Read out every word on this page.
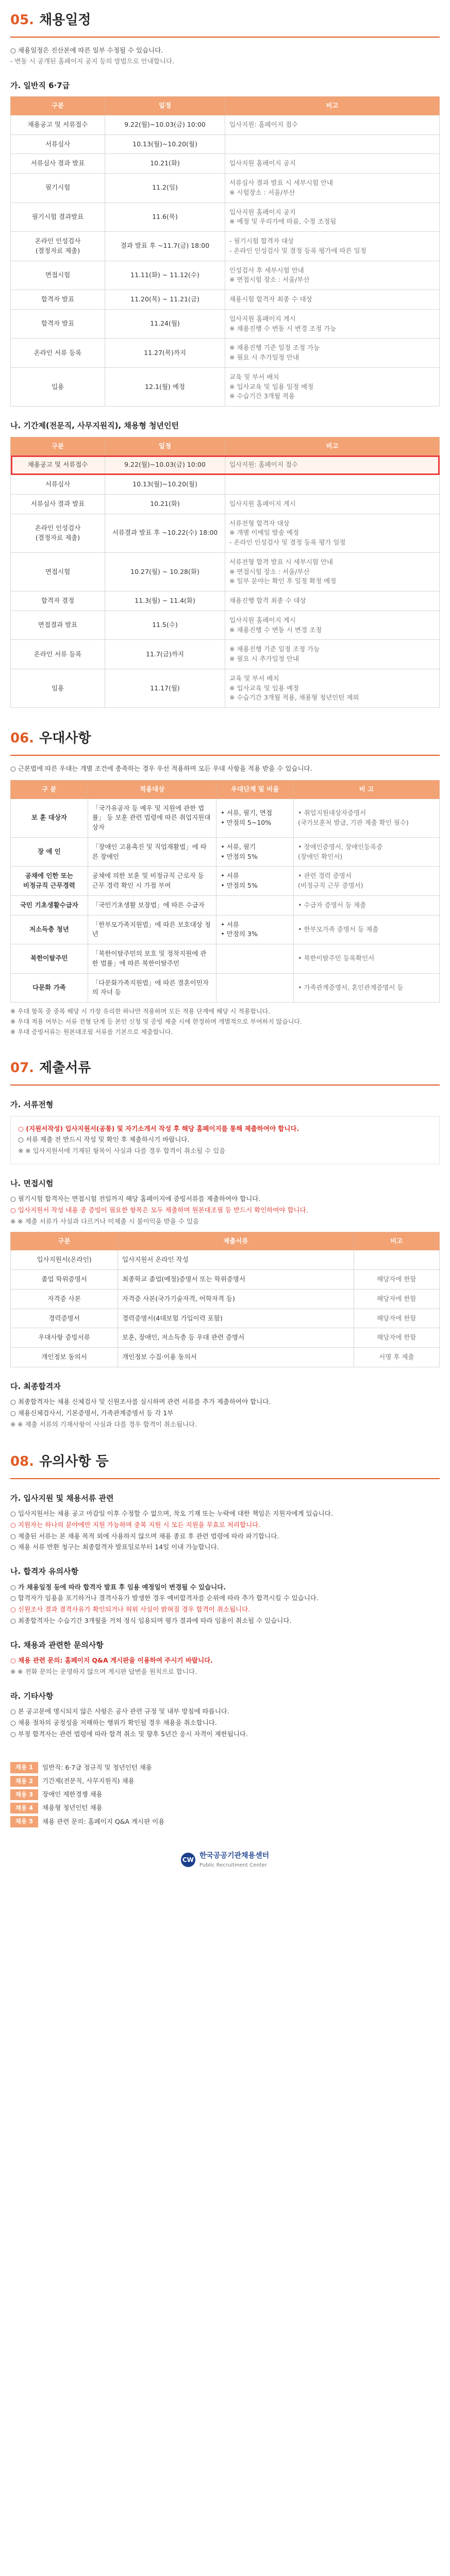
05. 채용일정

○ 채용일정은 진산본에 따른 일부 수정될 수 있습니다.

- 변동 시 공개된 홈페이지 공지 등의 방법으로 안내합니다.

가. 일반직 6·7급
구분	일정	비고
채용공고 및 서류접수	9.22(월)~10.03(금) 10:00	입사지원: 홈페이지 접수
서류심사	10.13(월)~10.20(월)	
서류심사 결과 발표	10.21(화)	입사지원 홈페이지 공지
필기시험	11.2(일)	서류심사 결과 발표 시 세부시험 안내
※ 시험장소 : 서울/부산
필기시험 결과발표	11.6(목)	입사지원 홈페이지 공지
※ 예정 및 우리가에 따름, 수정 조정됨
온라인 인성검사
(결정자료 제출)	결과 발표 후 ~11.7(금) 18:00	- 필기시험 합격자 대상
- 온라인 인성검사 및 결정 등록 평가에 따른 일정
면접시험	11.11(화) ~ 11.12(수)	인성검사 후 세부시험 안내
※ 면접시험 장소 : 서울/부산
합격자 발표	11.20(목) ~ 11.21(금)	채용시험 합격자 최종 수 대상
합격자 발표	11.24(월)	입사지원 홈페이지 게시
※ 채용진행 수 변동 시 변경 조정 가능
온라인 서류 등록	11.27(목)까지	※ 채용진행 기준 일정 조정 가능
※ 필요 시 추가일정 안내
입용	12.1(월) 예정	교육 및 부서 배치
※ 입사교육 및 임용 일정 예정
※ 수습기간 3개월 적용
나. 기간제(전문직, 사무지원직), 채용형 청년인턴
구분	일정	비고
채용공고 및 서류접수	9.22(월)~10.03(금) 10:00	입사지원: 홈페이지 접수
서류심사	10.13(월)~10.20(월)	
서류심사 결과 발표	10.21(화)	입사지원 홈페이지 게시
온라인 인성검사
(결정자료 제출)	서류결과 발표 후 ~10.22(수) 18:00	서류전형 합격자 대상
※ 개별 이메일 발송 예정
- 온라인 인성검사 및 결정 등록 평가 일정
면접시험	10.27(월) ~ 10.28(화)	서류전형 합격 발표 시 세부시험 안내
※ 면접시험 장소 : 서울/부산
※ 일부 분야는 확인 후 일정 확정 예정
합격자 결정	11.3(월) ~ 11.4(화)	채용진행 합격 최종 수 대상
면접결과 발표	11.5(수)	입사지원 홈페이지 게시
※ 채용진행 수 변동 시 변경 조정
온라인 서류 등록	11.7(금)까지	※ 채용진행 기준 일정 조정 가능
※ 필요 시 추가일정 안내
임용	11.17(월)	교육 및 부서 배치
※ 입사교육 및 임용 예정
※ 수습기간 3개월 적용, 채용형 청년인턴 제외
06. 우대사항
○ 근본법에 따른 우대는 개별 조건에 충족하는 경우 우선 적용하며 모든 우대 사항을 적용 받을 수 있습니다.
구 분	적용대상	우대단계 및 비율	비 고
보 훈 대상자	「국가유공자 등 예우 및 지원에 관한 법률」 등 보훈 관련 법령에 따른 취업지원대상자	• 서류, 필기, 면접
• 만점의 5~10%	• 취업지원대상자증명서
(국가보훈처 발급, 기관 제출 확인 필수)
장 애 인	「장애인 고용촉진 및 직업재활법」에 따른 장애인	• 서류, 필기
• 만점의 5%	• 장애인증명서, 장애인등록증
(장애인 확인서)
공채에 인한 또는
비정규직 근무경력	공채에 의한 보훈 및 비정규직 근로자 등 근무 경력 확인 시 가점 부여	• 서류
• 만점의 5%	• 관련 경력 증명서
(비정규직 근무 증명서)
국민 기초생활수급자	「국민기초생활 보장법」에 따른 수급자		• 수급자 증명서 등 제출
저소득층 청년	「한부모가족지원법」에 따른 보호대상 청년	• 서류
• 만점의 3%	• 한부모가족 증명서 등 제출
북한이탈주민	「북한이탈주민의 보호 및 정착지원에 관한 법률」에 따른 북한이탈주민		• 북한이탈주민 등록확인서
다문화 가족	「다문화가족지원법」에 따른 결혼이민자의 자녀 등		• 가족관계증명서, 혼인관계증명서 등

※ 우대 항목 중 중복 해당 시 가장 유리한 하나만 적용하며 모든 적용 단계에 해당 시 적용합니다.

※ 우대 적용 여부는 서류 전형 단계 등 본인 신청 및 증빙 제출 시에 한정하며 개별적으로 부여하지 않습니다.

※ 우대 증빙서류는 원본대조필 서류를 기본으로 제출합니다.

07. 제출서류
가. 서류전형

○ (지원서작성) 입사지원서(공통) 및 자기소개서 작성 후 해당 홈페이지를 통해 제출하여야 합니다.

○ 서류 제출 전 반드시 작성 및 확인 후 제출하시기 바랍니다.

※ ※ 입사지원서에 기재된 항목이 사실과 다를 경우 합격이 취소될 수 있음

나. 면접시험

○ 필기시험 합격자는 면접시험 전일까지 해당 홈페이지에 증빙서류를 제출하여야 합니다.

○ 입사지원서 작성 내용 중 증빙이 필요한 항목은 모두 제출하며 원본대조필 등 반드시 확인하여야 합니다.

※ ※ 제출 서류가 사실과 다르거나 미제출 시 불이익을 받을 수 있음

구분	제출서류	비고
입사지원서(온라인)	입사지원서 온라인 작성	
졸업 학위증명서	최종학교 졸업(예정)증명서 또는 학위증명서	해당자에 한함
자격증 사본	자격증 사본(국가기술자격, 어학자격 등)	해당자에 한함
경력증명서	경력증명서(4대보험 가입이력 포함)	해당자에 한함
우대사항 증빙서류	보훈, 장애인, 저소득층 등 우대 관련 증명서	해당자에 한함
개인정보 동의서	개인정보 수집·이용 동의서	서명 후 제출
다. 최종합격자

○ 최종합격자는 채용 신체검사 및 신원조사를 실시하며 관련 서류를 추가 제출하여야 합니다.

○ 채용신체검사서, 기본증명서, 가족관계증명서 등 각 1부

※ ※ 제출 서류의 기재사항이 사실과 다를 경우 합격이 취소됩니다.

08. 유의사항 등
가. 입사지원 및 채용서류 관련

○ 입사지원서는 채용 공고 마감일 이후 수정할 수 없으며, 착오 기재 또는 누락에 대한 책임은 지원자에게 있습니다.

○ 지원자는 하나의 분야에만 지원 가능하며 중복 지원 시 모든 지원을 무효로 처리합니다.

○ 제출된 서류는 본 채용 목적 외에 사용하지 않으며 채용 종료 후 관련 법령에 따라 파기합니다.

○ 채용 서류 반환 청구는 최종합격자 발표일로부터 14일 이내 가능합니다.

나. 합격자 유의사항

○ 가 채용일정 등에 따라 합격자 발표 후 임용 예정일이 변경될 수 있습니다.

○ 합격자가 임용을 포기하거나 결격사유가 발생한 경우 예비합격자를 순위에 따라 추가 합격시킬 수 있습니다.

○ 신원조사 결과 결격사유가 확인되거나 허위 사실이 밝혀질 경우 합격이 취소됩니다.

○ 최종합격자는 수습기간 3개월을 거쳐 정식 임용되며 평가 결과에 따라 임용이 취소될 수 있습니다.

다. 채용과 관련한 문의사항

○ 채용 관련 문의: 홈페이지 Q&A 게시판을 이용하여 주시기 바랍니다.

※ ※ 전화 문의는 운영하지 않으며 게시판 답변을 원칙으로 합니다.

라. 기타사항

○ 본 공고문에 명시되지 않은 사항은 공사 관련 규정 및 내부 방침에 따릅니다.

○ 채용 절차의 공정성을 저해하는 행위가 확인될 경우 채용을 취소합니다.

○ 부정 합격자는 관련 법령에 따라 합격 취소 및 향후 5년간 응시 자격이 제한됩니다.

채용 1	일반직: 6·7급 정규직 및 청년인턴 채용
채용 2	기간제(전문직, 사무지원직) 채용
채용 3	장애인 제한경쟁 채용
채용 4	채용형 청년인턴 채용
채용 5	채용 관련 문의: 홈페이지 Q&A 게시판 이용
CW 한국공공기관채용센터
Public Recruitment Center
